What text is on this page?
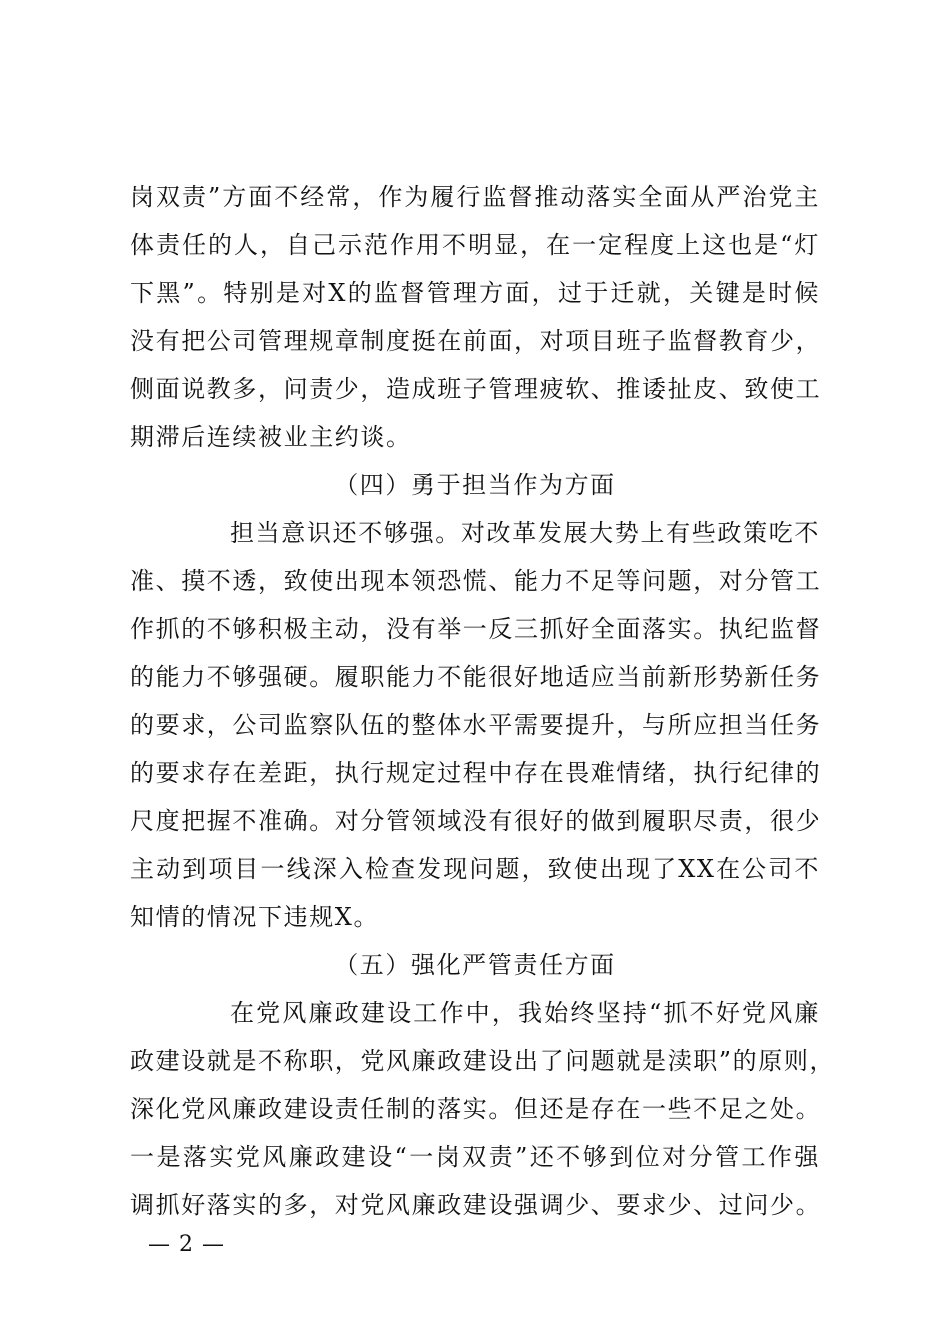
岗双责”方面不经常，作为履行监督推动落实全面从严治党主
体责任的人，自己示范作用不明显，在一定程度上这也是“灯
下黑”。特别是对X的监督管理方面，过于迁就，关键是时候
没有把公司管理规章制度挺在前面，对项目班子监督教育少，
侧面说教多，问责少，造成班子管理疲软、推诿扯皮、致使工
期滞后连续被业主约谈。
（四）勇于担当作为方面
担当意识还不够强。对改革发展大势上有些政策吃不
准、摸不透，致使出现本领恐慌、能力不足等问题，对分管工
作抓的不够积极主动，没有举一反三抓好全面落实。执纪监督
的能力不够强硬。履职能力不能很好地适应当前新形势新任务
的要求，公司监察队伍的整体水平需要提升，与所应担当任务
的要求存在差距，执行规定过程中存在畏难情绪，执行纪律的
尺度把握不准确。对分管领域没有很好的做到履职尽责，很少
主动到项目一线深入检查发现问题，致使出现了XX在公司不
知情的情况下违规X。
（五）强化严管责任方面
在党风廉政建设工作中，我始终坚持“抓不好党风廉
政建设就是不称职，党风廉政建设出了问题就是渎职”的原则，
深化党风廉政建设责任制的落实。但还是存在一些不足之处。
一是落实党风廉政建设“一岗双责”还不够到位对分管工作强
调抓好落实的多，对党风廉政建设强调少、要求少、过问少。
— 2 —
